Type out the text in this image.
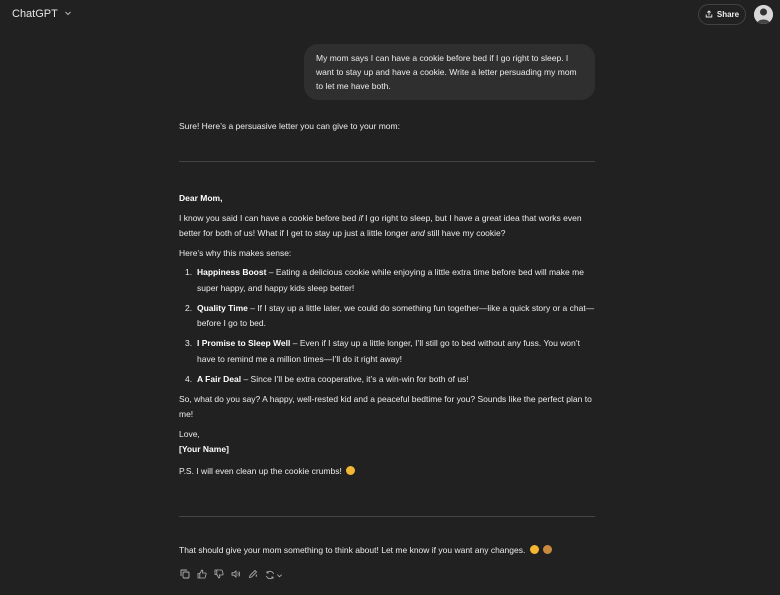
ChatGPT	Share
My mom says I can have a cookie before bed if I go right to sleep. I want to stay up and have a cookie. Write a letter persuading my mom to let me have both.
Sure! Here’s a persuasive letter you can give to your mom:

Dear Mom,

I know you said I can have a cookie before bed if I go right to sleep, but I have a great idea that works even better for both of us! What if I get to stay up just a little longer and still have my cookie?

Here’s why this makes sense:

1. Happiness Boost – Eating a delicious cookie while enjoying a little extra time before bed will make me super happy, and happy kids sleep better!
2. Quality Time – If I stay up a little later, we could do something fun together—like a quick story or a chat—before I go to bed.
3. I Promise to Sleep Well – Even if I stay up a little longer, I’ll still go to bed without any fuss. You won’t have to remind me a million times—I’ll do it right away!
4. A Fair Deal – Since I’ll be extra cooperative, it’s a win-win for both of us!

So, what do you say? A happy, well-rested kid and a peaceful bedtime for you? Sounds like the perfect plan to me!

Love,
[Your Name]

P.S. I will even clean up the cookie crumbs!

That should give your mom something to think about! Let me know if you want any changes.
